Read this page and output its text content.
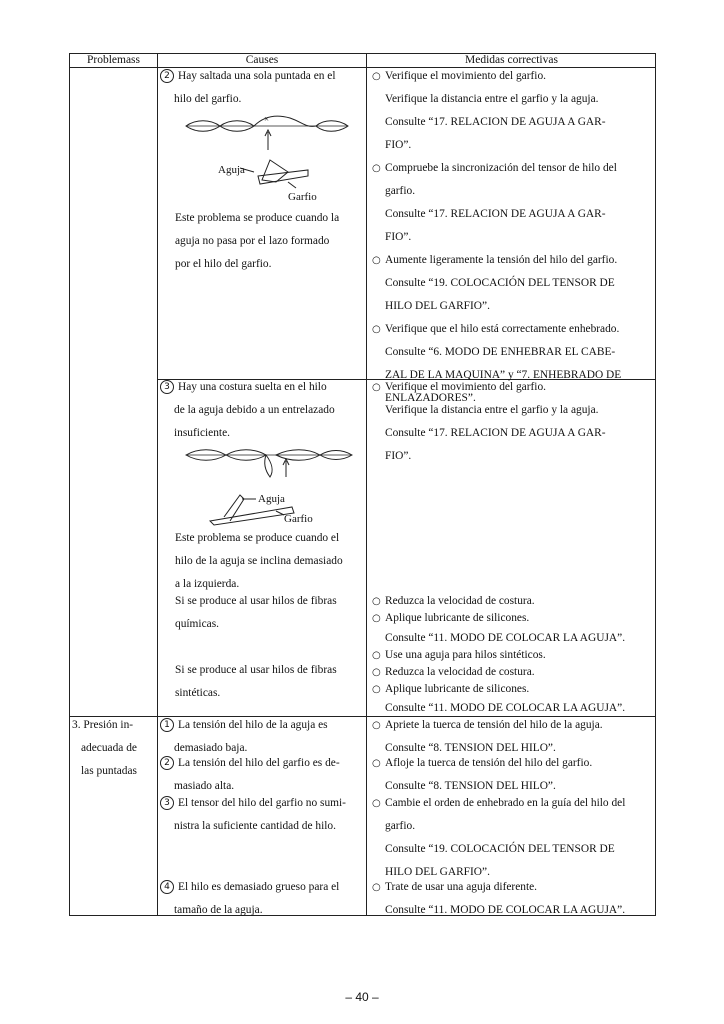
Problemass	Causes	Medidas correctivas

2 Hay saltada una sola puntada en el

hilo del garfio.

×
Aguja
Garfio

Este problema se produce cuando la

aguja no pasa por el lazo formado

por el hilo del garfio.

○ Verifique el movimiento del garfio.

Verifique la distancia entre el garfio y la aguja.

Consulte “17. RELACION DE AGUJA A GAR-

FIO”.

○ Compruebe la sincronización del tensor de hilo del

garfio.

Consulte “17. RELACION DE AGUJA A GAR-

FIO”.

○ Aumente ligeramente la tensión del hilo del garfio.

Consulte “19. COLOCACIÓN DEL TENSOR DE

HILO DEL GARFIO”.

○ Verifique que el hilo está correctamente enhebrado.

Consulte “6. MODO DE ENHEBRAR EL CABE-

ZAL DE LA MAQUINA” y “7. ENHEBRADO DE

ENLAZADORES”.

3 Hay una costura suelta en el hilo

de la aguja debido a un entrelazado

insuficiente.

Aguja
Garfio

Este problema se produce cuando el

hilo de la aguja se inclina demasiado

a la izquierda.

Si se produce al usar hilos de fibras

químicas.

Si se produce al usar hilos de fibras

sintéticas.

○ Verifique el movimiento del garfio.

Verifique la distancia entre el garfio y la aguja.

Consulte “17. RELACION DE AGUJA A GAR-

FIO”.

○ Reduzca la velocidad de costura.

○ Aplique lubricante de silicones.

Consulte “11. MODO DE COLOCAR LA AGUJA”.

○ Use una aguja para hilos sintéticos.

○ Reduzca la velocidad de costura.

○ Aplique lubricante de silicones.

Consulte “11. MODO DE COLOCAR LA AGUJA”.

3. Presión in-

adecuada de

las puntadas

1 La tensión del hilo de la aguja es

demasiado baja.

2 La tensión del hilo del garfio es de-

masiado alta.

3 El tensor del hilo del garfio no sumi-

nistra la suficiente cantidad de hilo.

4 El hilo es demasiado grueso para el

tamaño de la aguja.

○ Apriete la tuerca de tensión del hilo de la aguja.

Consulte “8. TENSION DEL HILO”.

○ Afloje la tuerca de tensión del hilo del garfio.

Consulte “8. TENSION DEL HILO”.

○ Cambie el orden de enhebrado en la guía del hilo del

garfio.

Consulte “19. COLOCACIÓN DEL TENSOR DE

HILO DEL GARFIO”.

○ Trate de usar una aguja diferente.

Consulte “11. MODO DE COLOCAR LA AGUJA”.

– 40 –
